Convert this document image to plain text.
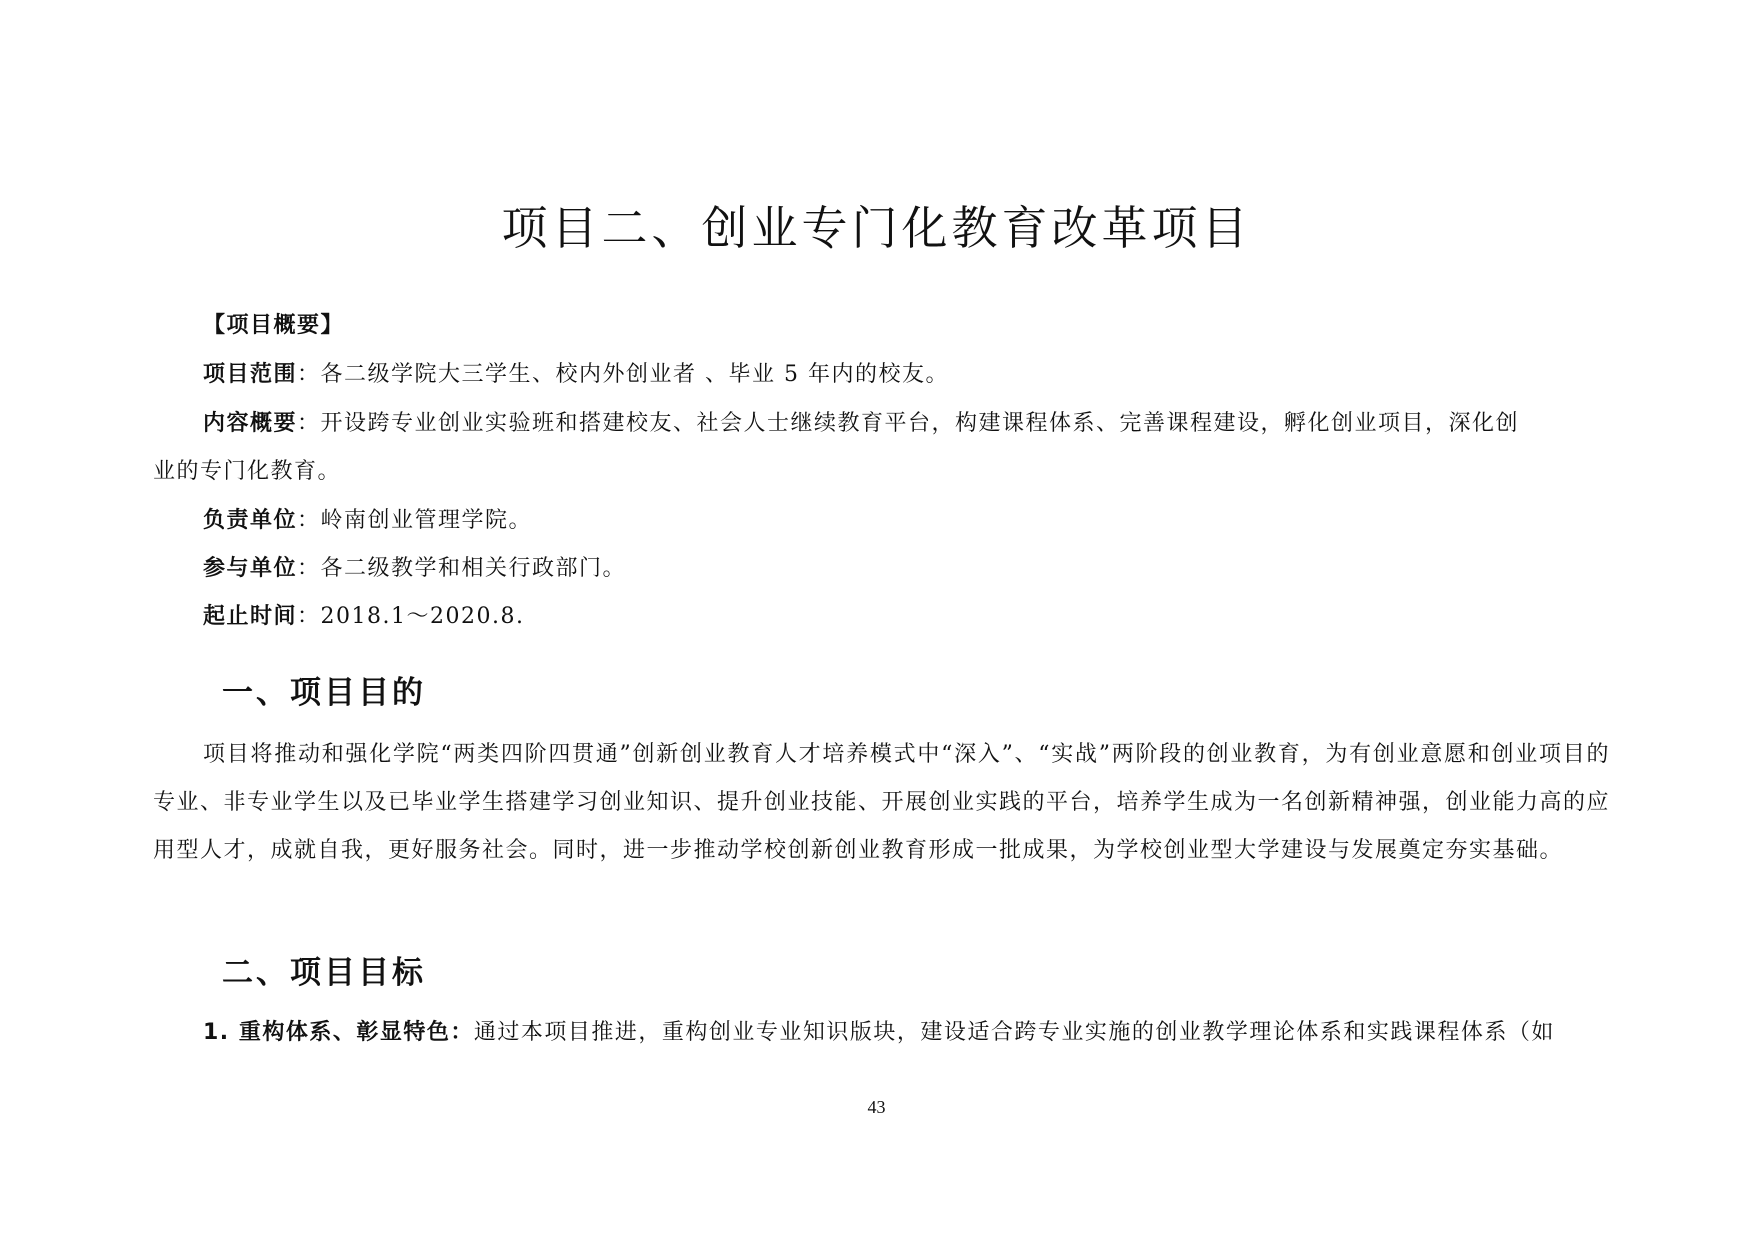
项目二、创业专门化教育改革项目
【项目概要】
项目范围：各二级学院大三学生、校内外创业者 、毕业 5 年内的校友。
内容概要：开设跨专业创业实验班和搭建校友、社会人士继续教育平台，构建课程体系、完善课程建设，孵化创业项目，深化创
业的专门化教育。
负责单位：岭南创业管理学院。
参与单位：各二级教学和相关行政部门。
起止时间：2018.1～2020.8.
一、项目目的
项目将推动和强化学院“两类四阶四贯通”创新创业教育人才培养模式中“深入”、“实战”两阶段的创业教育，为有创业意愿和创业项目的专业、非专业学生以及已毕业学生搭建学习创业知识、提升创业技能、开展创业实践的平台，培养学生成为一名创新精神强，创业能力高的应用型人才，成就自我，更好服务社会。同时，进一步推动学校创新创业教育形成一批成果，为学校创业型大学建设与发展奠定夯实基础。
二、项目目标
1. 重构体系、彰显特色：通过本项目推进，重构创业专业知识版块，建设适合跨专业实施的创业教学理论体系和实践课程体系（如
43
